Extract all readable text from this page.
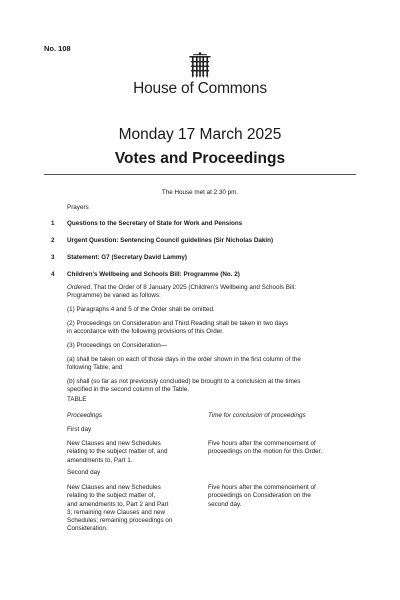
No. 108
House of Commons
Monday 17 March 2025
Votes and Proceedings
The House met at 2.30 pm.
Prayers
1 Questions to the Secretary of State for Work and Pensions
2 Urgent Question: Sentencing Council guidelines (Sir Nicholas Dakin)
3 Statement: G7 (Secretary David Lammy)
4 Children’s Wellbeing and Schools Bill: Programme (No. 2)
Ordered, That the Order of 8 January 2025 (Children’s Wellbeing and Schools Bill:
Programme) be varied as follows:
(1) Paragraphs 4 and 5 of the Order shall be omitted.
(2) Proceedings on Consideration and Third Reading shall be taken in two days
in accordance with the following provisions of this Order.
(3) Proceedings on Consideration—
(a) shall be taken on each of those days in the order shown in the first column of the
following Table, and
(b) shall (so far as not previously concluded) be brought to a conclusion at the times
specified in the second column of the Table.
TABLE
Proceedings	Time for conclusion of proceedings
First day
New Clauses and new Schedules
relating to the subject matter of, and
amendments to, Part 1.
Five hours after the commencement of
proceedings on the motion for this Order.
Second day
New Clauses and new Schedules
relating to the subject matter of,
and amendments to, Part 2 and Part
3; remaining new Clauses and new
Schedules; remaining proceedings on
Consideration.
Five hours after the commencement of
proceedings on Consideration on the
second day.
